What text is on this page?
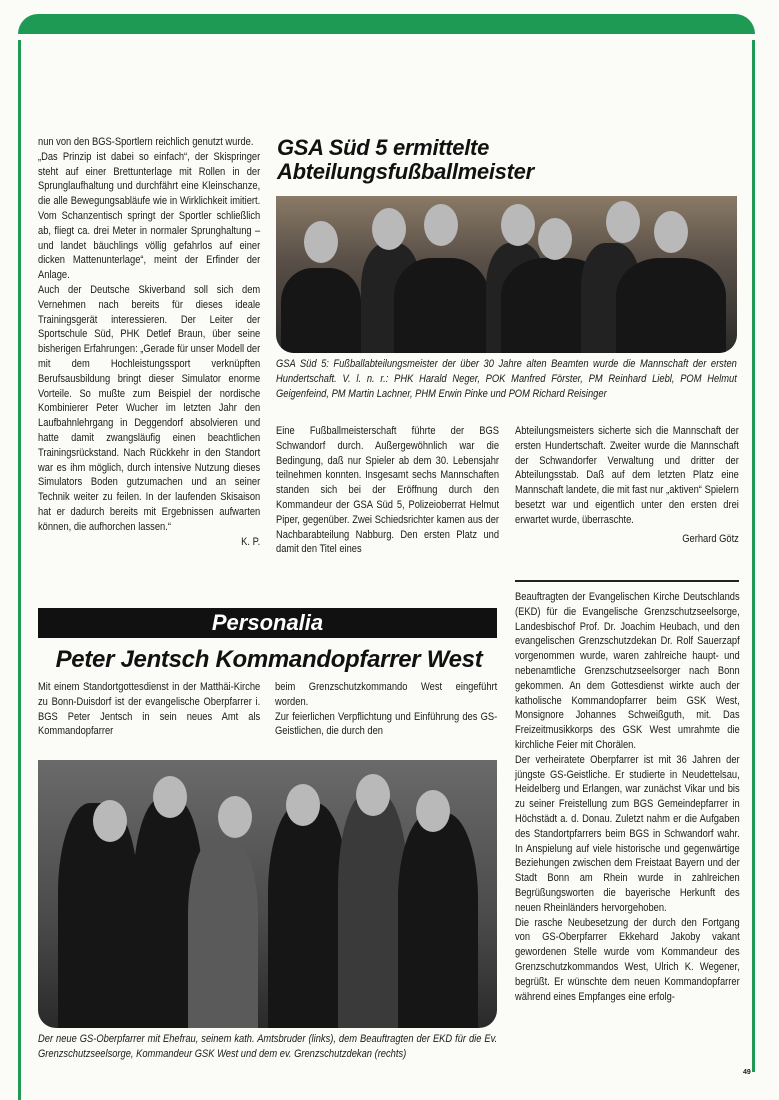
nun von den BGS-Sportlern reichlich genutzt wurde.

„Das Prinzip ist dabei so einfach“, der Skispringer steht auf einer Brettunterlage mit Rollen in der Sprunglaufhaltung und durchfährt eine Kleinschanze, die alle Bewegungsabläufe wie in Wirklichkeit imitiert. Vom Schanzentisch springt der Sportler schließlich ab, fliegt ca. drei Meter in normaler Sprunghaltung – und landet bäuchlings völlig gefahrlos auf einer dicken Mattenunterlage“, meint der Erfinder der Anlage.

Auch der Deutsche Skiverband soll sich dem Vernehmen nach bereits für dieses ideale Trainingsgerät interessieren. Der Leiter der Sportschule Süd, PHK Detlef Braun, über seine bisherigen Erfahrungen: „Gerade für unser Modell der mit dem Hochleistungssport verknüpften Berufsausbildung bringt dieser Simulator enorme Vorteile. So mußte zum Beispiel der nordische Kombinierer Peter Wucher im letzten Jahr den Laufbahnlehrgang in Deggendorf absolvieren und hatte damit zwangsläufig einen beachtlichen Trainingsrückstand. Nach Rückkehr in den Standort war es ihm möglich, durch intensive Nutzung dieses Simulators Boden gutzumachen und an seiner Technik weiter zu feilen. In der laufenden Skisaison hat er dadurch bereits mit Ergebnissen aufwarten können, die aufhorchen lassen.“

K. P.

GSA Süd 5 ermittelte
Abteilungsfußballmeister
GSA Süd 5: Fußballabteilungsmeister der über 30 Jahre alten Beamten wurde die Mannschaft der ersten Hundertschaft. V. l. n. r.: PHK Harald Neger, POK Manfred Förster, PM Reinhard Liebl, POM Helmut Geigenfeind, PM Martin Lachner, PHM Erwin Pinke und POM Richard Reisinger
Eine Fußballmeisterschaft führte der BGS Schwandorf durch. Außergewöhnlich war die Bedingung, daß nur Spieler ab dem 30. Lebensjahr teilnehmen konnten. Insgesamt sechs Mannschaften standen sich bei der Eröffnung durch den Kommandeur der GSA Süd 5, Polizeioberrat Helmut Piper, gegenüber. Zwei Schiedsrichter kamen aus der Nachbarabteilung Nabburg. Den ersten Platz und damit den Titel eines

Abteilungsmeisters sicherte sich die Mannschaft der ersten Hundertschaft. Zweiter wurde die Mannschaft der Schwandorfer Verwaltung und dritter der Abteilungsstab. Daß auf dem letzten Platz eine Mannschaft landete, die mit fast nur „aktiven“ Spielern besetzt war und eigentlich unter den ersten drei erwartet wurde, überraschte.

Gerhard Götz

Personalia
Peter Jentsch Kommandopfarrer West
Mit einem Standortgottesdienst in der Matthäi-Kirche zu Bonn-Duisdorf ist der evangelische Oberpfarrer i. BGS Peter Jentsch in sein neues Amt als Kommandopfarrer

beim Grenzschutzkommando West eingeführt worden.

Zur feierlichen Verpflichtung und Einführung des GS-Geistlichen, die durch den

Der neue GS-Oberpfarrer mit Ehefrau, seinem kath. Amtsbruder (links), dem Beauftragten der EKD für die Ev. Grenzschutzseelsorge, Kommandeur GSK West und dem ev. Grenzschutzdekan (rechts)

Beauftragten der Evangelischen Kirche Deutschlands (EKD) für die Evangelische Grenzschutzseelsorge, Landesbischof Prof. Dr. Joachim Heubach, und den evangelischen Grenzschutzdekan Dr. Rolf Sauerzapf vorgenommen wurde, waren zahlreiche haupt- und nebenamtliche Grenzschutzseelsorger nach Bonn gekommen. An dem Gottesdienst wirkte auch der katholische Kommandopfarrer beim GSK West, Monsignore Johannes Schweißguth, mit. Das Freizeitmusikkorps des GSK West umrahmte die kirchliche Feier mit Chorälen.

Der verheiratete Oberpfarrer ist mit 36 Jahren der jüngste GS-Geistliche. Er studierte in Neudettelsau, Heidelberg und Erlangen, war zunächst Vikar und bis zu seiner Freistellung zum BGS Gemeindepfarrer in Höchstädt a. d. Donau. Zuletzt nahm er die Aufgaben des Standortpfarrers beim BGS in Schwandorf wahr. In Anspielung auf viele historische und gegenwärtige Beziehungen zwischen dem Freistaat Bayern und der Stadt Bonn am Rhein wurde in zahlreichen Begrüßungsworten die bayerische Herkunft des neuen Rheinländers hervorgehoben.

Die rasche Neubesetzung der durch den Fortgang von GS-Oberpfarrer Ekkehard Jakoby vakant gewordenen Stelle wurde vom Kommandeur des Grenzschutzkommandos West, Ulrich K. Wegener, begrüßt. Er wünschte dem neuen Kommandopfarrer während eines Empfanges eine erfolg-

49
